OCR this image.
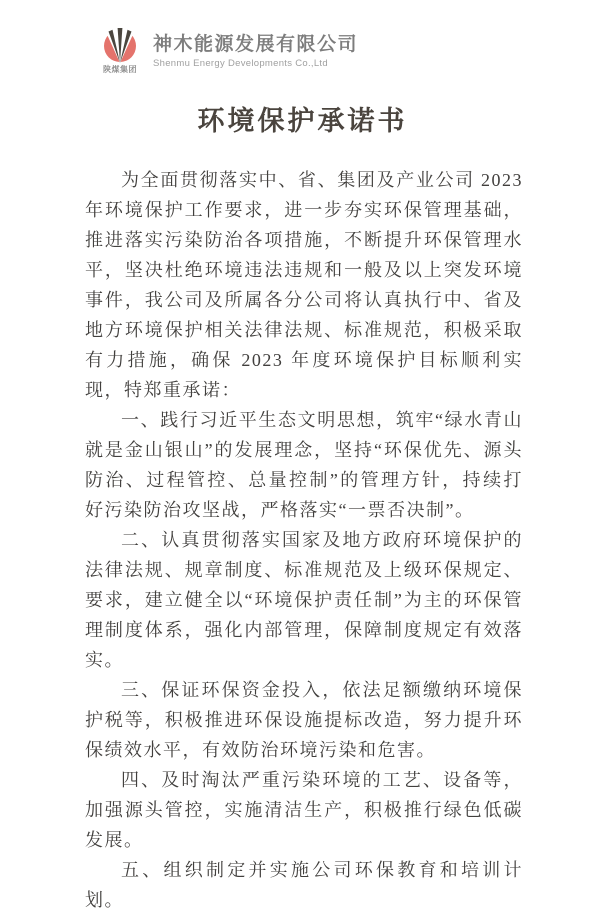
陕煤集团
神木能源发展有限公司
Shenmu Energy Developments Co.,Ltd
环境保护承诺书

为全面贯彻落实中、省、集团及产业公司 2023 年环境保护工作要求，进一步夯实环保管理基础，推进落实污染防治各项措施，不断提升环保管理水平，坚决杜绝环境违法违规和一般及以上突发环境事件，我公司及所属各分公司将认真执行中、省及地方环境保护相关法律法规、标准规范，积极采取有力措施，确保 2023 年度环境保护目标顺利实现，特郑重承诺：

一、践行习近平生态文明思想，筑牢“绿水青山就是金山银山”的发展理念，坚持“环保优先、源头防治、过程管控、总量控制”的管理方针，持续打好污染防治攻坚战，严格落实“一票否决制”。

二、认真贯彻落实国家及地方政府环境保护的法律法规、规章制度、标准规范及上级环保规定、要求，建立健全以“环境保护责任制”为主的环保管理制度体系，强化内部管理，保障制度规定有效落实。

三、保证环保资金投入，依法足额缴纳环境保护税等，积极推进环保设施提标改造，努力提升环保绩效水平，有效防治环境污染和危害。

四、及时淘汰严重污染环境的工艺、设备等，加强源头管控，实施清洁生产，积极推行绿色低碳发展。

五、组织制定并实施公司环保教育和培训计划。
